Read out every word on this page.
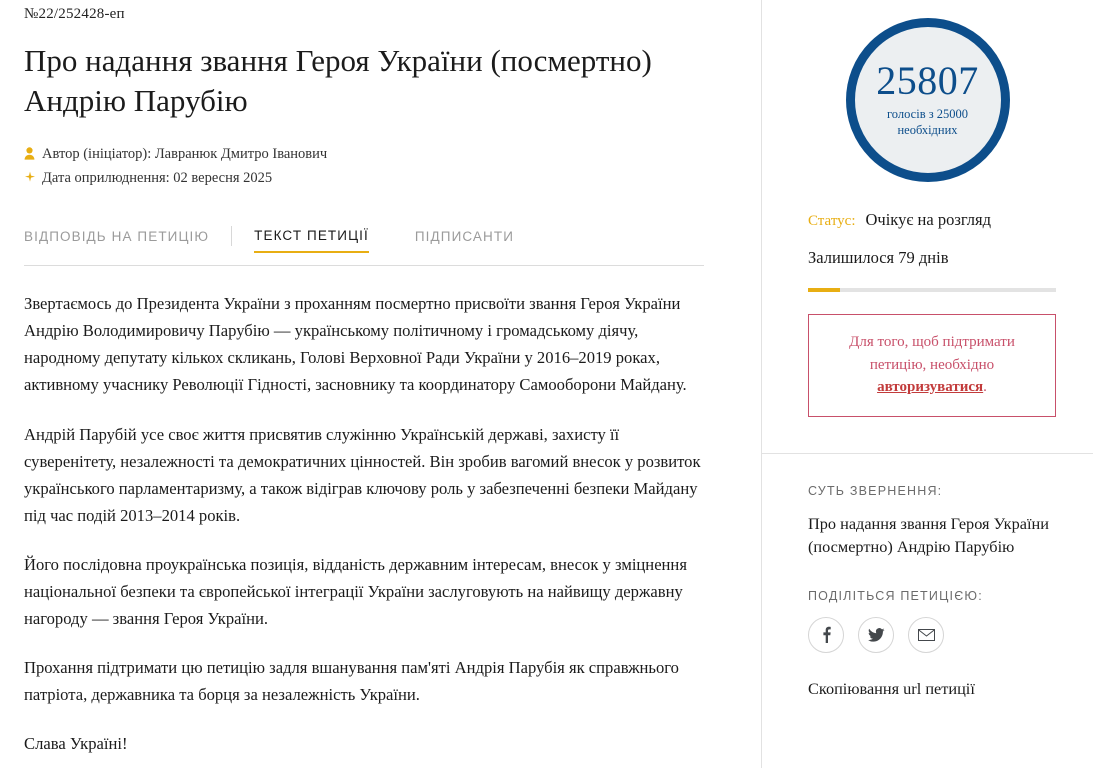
№22/252428-еп
Про надання звання Героя України (посмертно) Андрію Парубію
Автор (ініціатор): Лавранюк Дмитро Іванович
Дата оприлюднення: 02 вересня 2025
ВІДПОВІДЬ НА ПЕТИЦІЮ	ТЕКСТ ПЕТИЦІЇ	ПІДПИСАНТИ

Звертаємось до Президента України з проханням посмертно присвоїти звання Героя України Андрію Володимировичу Парубію — українському політичному і громадському діячу, народному депутату кількох скликань, Голові Верховної Ради України у 2016–2019 роках, активному учаснику Революції Гідності, засновнику та координатору Самооборони Майдану.

Андрій Парубій усе своє життя присвятив служінню Українській державі, захисту її суверенітету, незалежності та демократичних цінностей. Він зробив вагомий внесок у розвиток українського парламентаризму, а також відіграв ключову роль у забезпеченні безпеки Майдану під час подій 2013–2014 років.

Його послідовна проукраїнська позиція, відданість державним інтересам, внесок у зміцнення національної безпеки та європейської інтеграції України заслуговують на найвищу державну нагороду — звання Героя України.

Прохання підтримати цю петицію задля вшанування пам'яті Андрія Парубія як справжнього патріота, державника та борця за незалежність України.

Слава Україні!

25807
голосів з 25000
необхідних
Статус: Очікує на розгляд
Залишилося 79 днів

Для того, щоб підтримати
петицію, необхідно
авторизуватися.

СУТЬ ЗВЕРНЕННЯ:
Про надання звання Героя України (посмертно) Андрію Парубію
ПОДІЛІТЬСЯ ПЕТИЦІЄЮ:
Скопіювання url петиції
